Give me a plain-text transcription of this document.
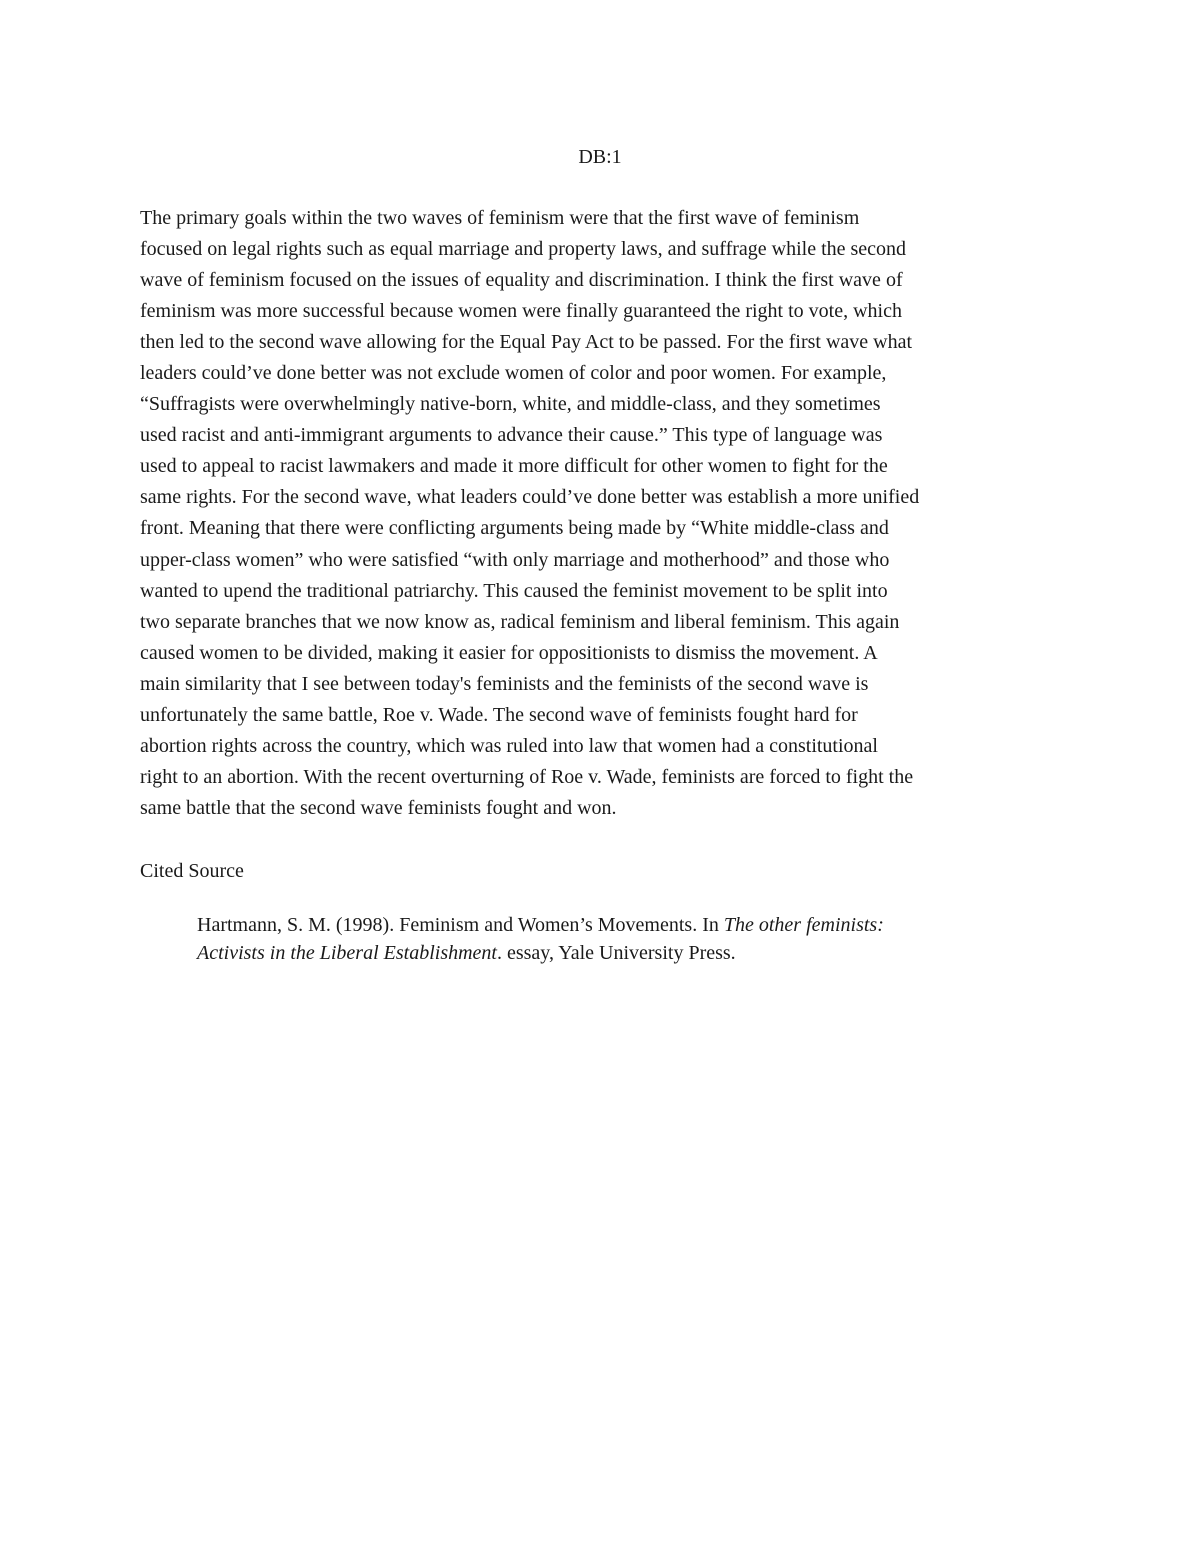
DB:1
The primary goals within the two waves of feminism were that the first wave of feminism
focused on legal rights such as equal marriage and property laws, and suffrage while the second
wave of feminism focused on the issues of equality and discrimination. I think the first wave of
feminism was more successful because women were finally guaranteed the right to vote, which
then led to the second wave allowing for the Equal Pay Act to be passed. For the first wave what
leaders could’ve done better was not exclude women of color and poor women. For example,
“Suffragists were overwhelmingly native-born, white, and middle-class, and they sometimes
used racist and anti-immigrant arguments to advance their cause.” This type of language was
used to appeal to racist lawmakers and made it more difficult for other women to fight for the
same rights. For the second wave, what leaders could’ve done better was establish a more unified
front. Meaning that there were conflicting arguments being made by “White middle-class and
upper-class women” who were satisfied “with only marriage and motherhood” and those who
wanted to upend the traditional patriarchy. This caused the feminist movement to be split into
two separate branches that we now know as, radical feminism and liberal feminism. This again
caused women to be divided, making it easier for oppositionists to dismiss the movement. A
main similarity that I see between today's feminists and the feminists of the second wave is
unfortunately the same battle, Roe v. Wade. The second wave of feminists fought hard for
abortion rights across the country, which was ruled into law that women had a constitutional
right to an abortion. With the recent overturning of Roe v. Wade, feminists are forced to fight the
same battle that the second wave feminists fought and won.
Cited Source
Hartmann, S. M. (1998). Feminism and Women’s Movements. In The other feminists:
Activists in the Liberal Establishment. essay, Yale University Press.
